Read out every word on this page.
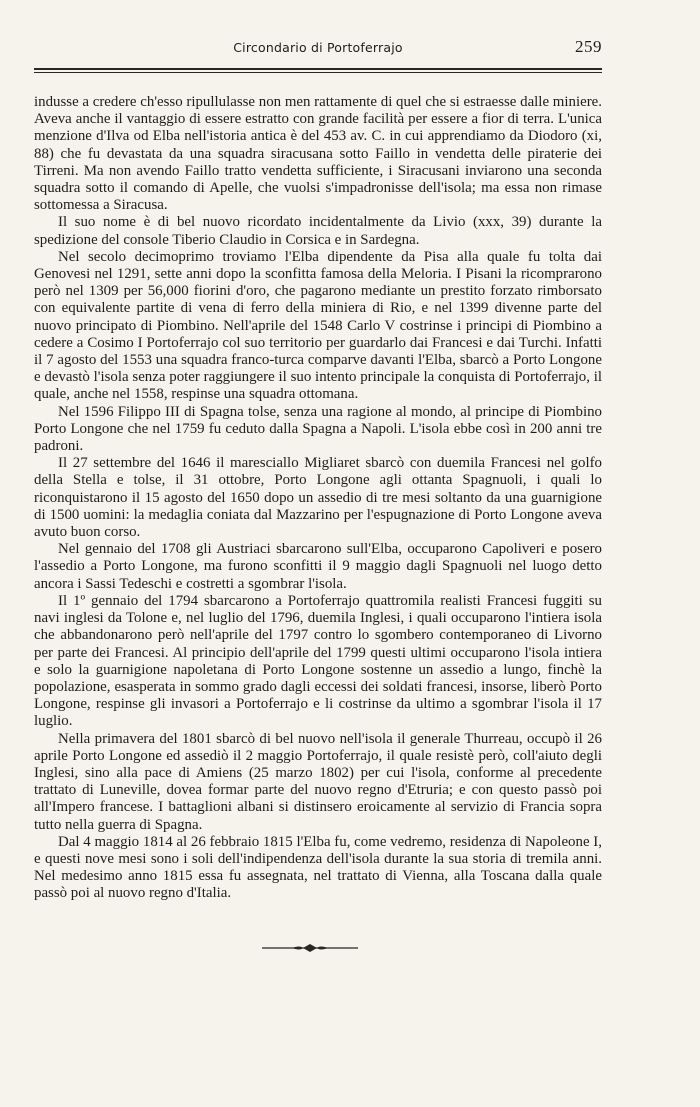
Circondario di Portoferrajo	259

indusse a credere ch'esso ripullulasse non men rattamente di quel che si estraesse dalle miniere. Aveva anche il vantaggio di essere estratto con grande facilità per essere a fior di terra. L'unica menzione d'Ilva od Elba nell'istoria antica è del 453 av. C. in cui apprendiamo da Diodoro (xi, 88) che fu devastata da una squadra siracusana sotto Faillo in vendetta delle piraterie dei Tirreni. Ma non avendo Faillo tratto vendetta sufficiente, i Siracusani inviarono una seconda squadra sotto il comando di Apelle, che vuolsi s'impadronisse dell'isola; ma essa non rimase sottomessa a Siracusa.

Il suo nome è di bel nuovo ricordato incidentalmente da Livio (xxx, 39) durante la spedizione del console Tiberio Claudio in Corsica e in Sardegna.

Nel secolo decimoprimo troviamo l'Elba dipendente da Pisa alla quale fu tolta dai Genovesi nel 1291, sette anni dopo la sconfitta famosa della Meloria. I Pisani la ricomprarono però nel 1309 per 56,000 fiorini d'oro, che pagarono mediante un prestito forzato rimborsato con equivalente partite di vena di ferro della miniera di Rio, e nel 1399 divenne parte del nuovo principato di Piombino. Nell'aprile del 1548 Carlo V costrinse i principi di Piombino a cedere a Cosimo I Portoferrajo col suo territorio per guardarlo dai Francesi e dai Turchi. Infatti il 7 agosto del 1553 una squadra franco-turca comparve davanti l'Elba, sbarcò a Porto Longone e devastò l'isola senza poter raggiungere il suo intento principale la conquista di Portoferrajo, il quale, anche nel 1558, respinse una squadra ottomana.

Nel 1596 Filippo III di Spagna tolse, senza una ragione al mondo, al principe di Piombino Porto Longone che nel 1759 fu ceduto dalla Spagna a Napoli. L'isola ebbe così in 200 anni tre padroni.

Il 27 settembre del 1646 il maresciallo Migliaret sbarcò con duemila Francesi nel golfo della Stella e tolse, il 31 ottobre, Porto Longone agli ottanta Spagnuoli, i quali lo riconquistarono il 15 agosto del 1650 dopo un assedio di tre mesi soltanto da una guarnigione di 1500 uomini: la medaglia coniata dal Mazzarino per l'espugnazione di Porto Longone aveva avuto buon corso.

Nel gennaio del 1708 gli Austriaci sbarcarono sull'Elba, occuparono Capoliveri e posero l'assedio a Porto Longone, ma furono sconfitti il 9 maggio dagli Spagnuoli nel luogo detto ancora i Sassi Tedeschi e costretti a sgombrar l'isola.

Il 1º gennaio del 1794 sbarcarono a Portoferrajo quattromila realisti Francesi fuggiti su navi inglesi da Tolone e, nel luglio del 1796, duemila Inglesi, i quali occuparono l'intiera isola che abbandonarono però nell'aprile del 1797 contro lo sgombero contemporaneo di Livorno per parte dei Francesi. Al principio dell'aprile del 1799 questi ultimi occuparono l'isola intiera e solo la guarnigione napoletana di Porto Longone sostenne un assedio a lungo, finchè la popolazione, esasperata in sommo grado dagli eccessi dei soldati francesi, insorse, liberò Porto Longone, respinse gli invasori a Portoferrajo e li costrinse da ultimo a sgombrar l'isola il 17 luglio.

Nella primavera del 1801 sbarcò di bel nuovo nell'isola il generale Thurreau, occupò il 26 aprile Porto Longone ed assediò il 2 maggio Portoferrajo, il quale resistè però, coll'aiuto degli Inglesi, sino alla pace di Amiens (25 marzo 1802) per cui l'isola, conforme al precedente trattato di Luneville, dovea formar parte del nuovo regno d'Etruria; e con questo passò poi all'Impero francese. I battaglioni albani si distinsero eroicamente al servizio di Francia sopra tutto nella guerra di Spagna.

Dal 4 maggio 1814 al 26 febbraio 1815 l'Elba fu, come vedremo, residenza di Napoleone I, e questi nove mesi sono i soli dell'indipendenza dell'isola durante la sua storia di tremila anni. Nel medesimo anno 1815 essa fu assegnata, nel trattato di Vienna, alla Toscana dalla quale passò poi al nuovo regno d'Italia.
